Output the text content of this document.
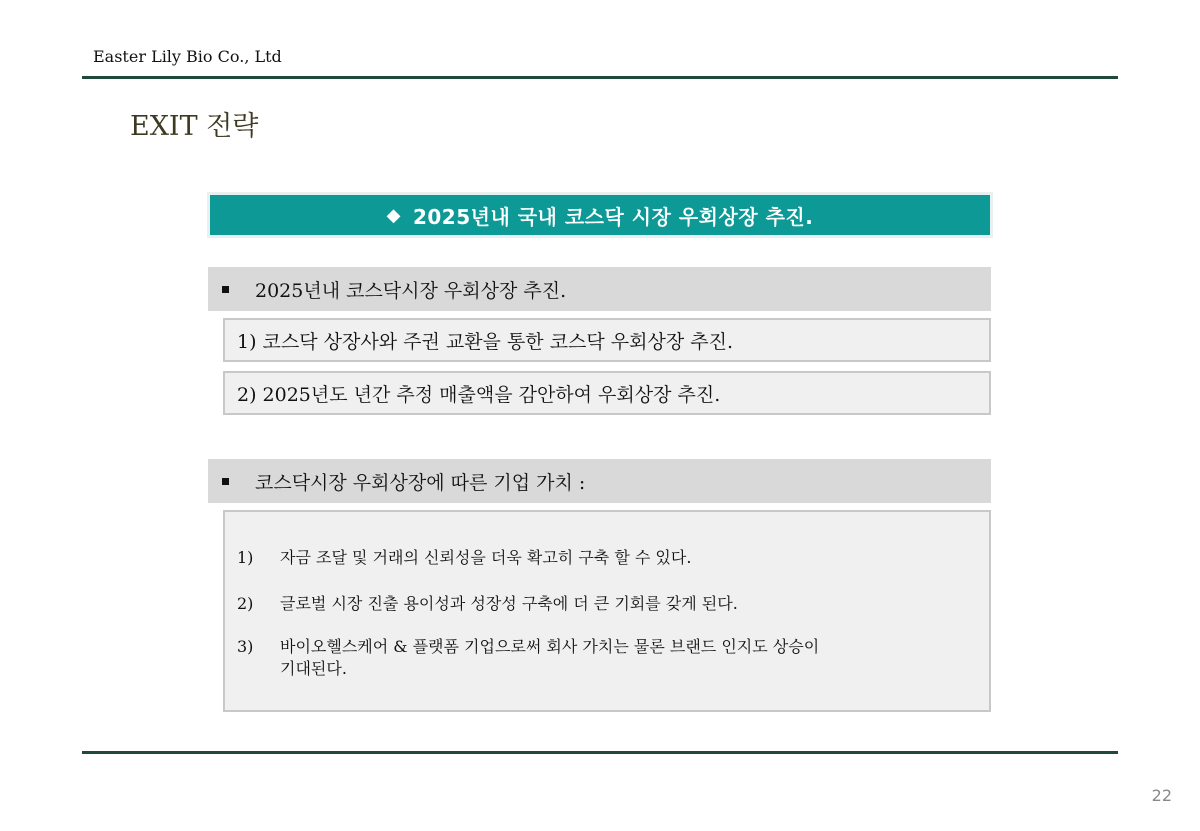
Easter Lily Bio Co., Ltd
EXIT 전략
◆ 2025년내 국내 코스닥 시장 우회상장 추진.
2025년내 코스닥시장 우회상장 추진.
1) 코스닥 상장사와 주권 교환을 통한 코스닥 우회상장 추진.
2) 2025년도 년간 추정 매출액을 감안하여 우회상장 추진.
코스닥시장 우회상장에 따른 기업 가치 :
1) 자금 조달 및 거래의 신뢰성을 더욱 확고히 구축 할 수 있다.
2) 글로벌 시장 진출 용이성과 성장성 구축에 더 큰 기회를 갖게 된다.
3) 바이오헬스케어 & 플랫폼 기업으로써 회사 가치는 물론 브랜드 인지도 상승이 기대된다.
22
